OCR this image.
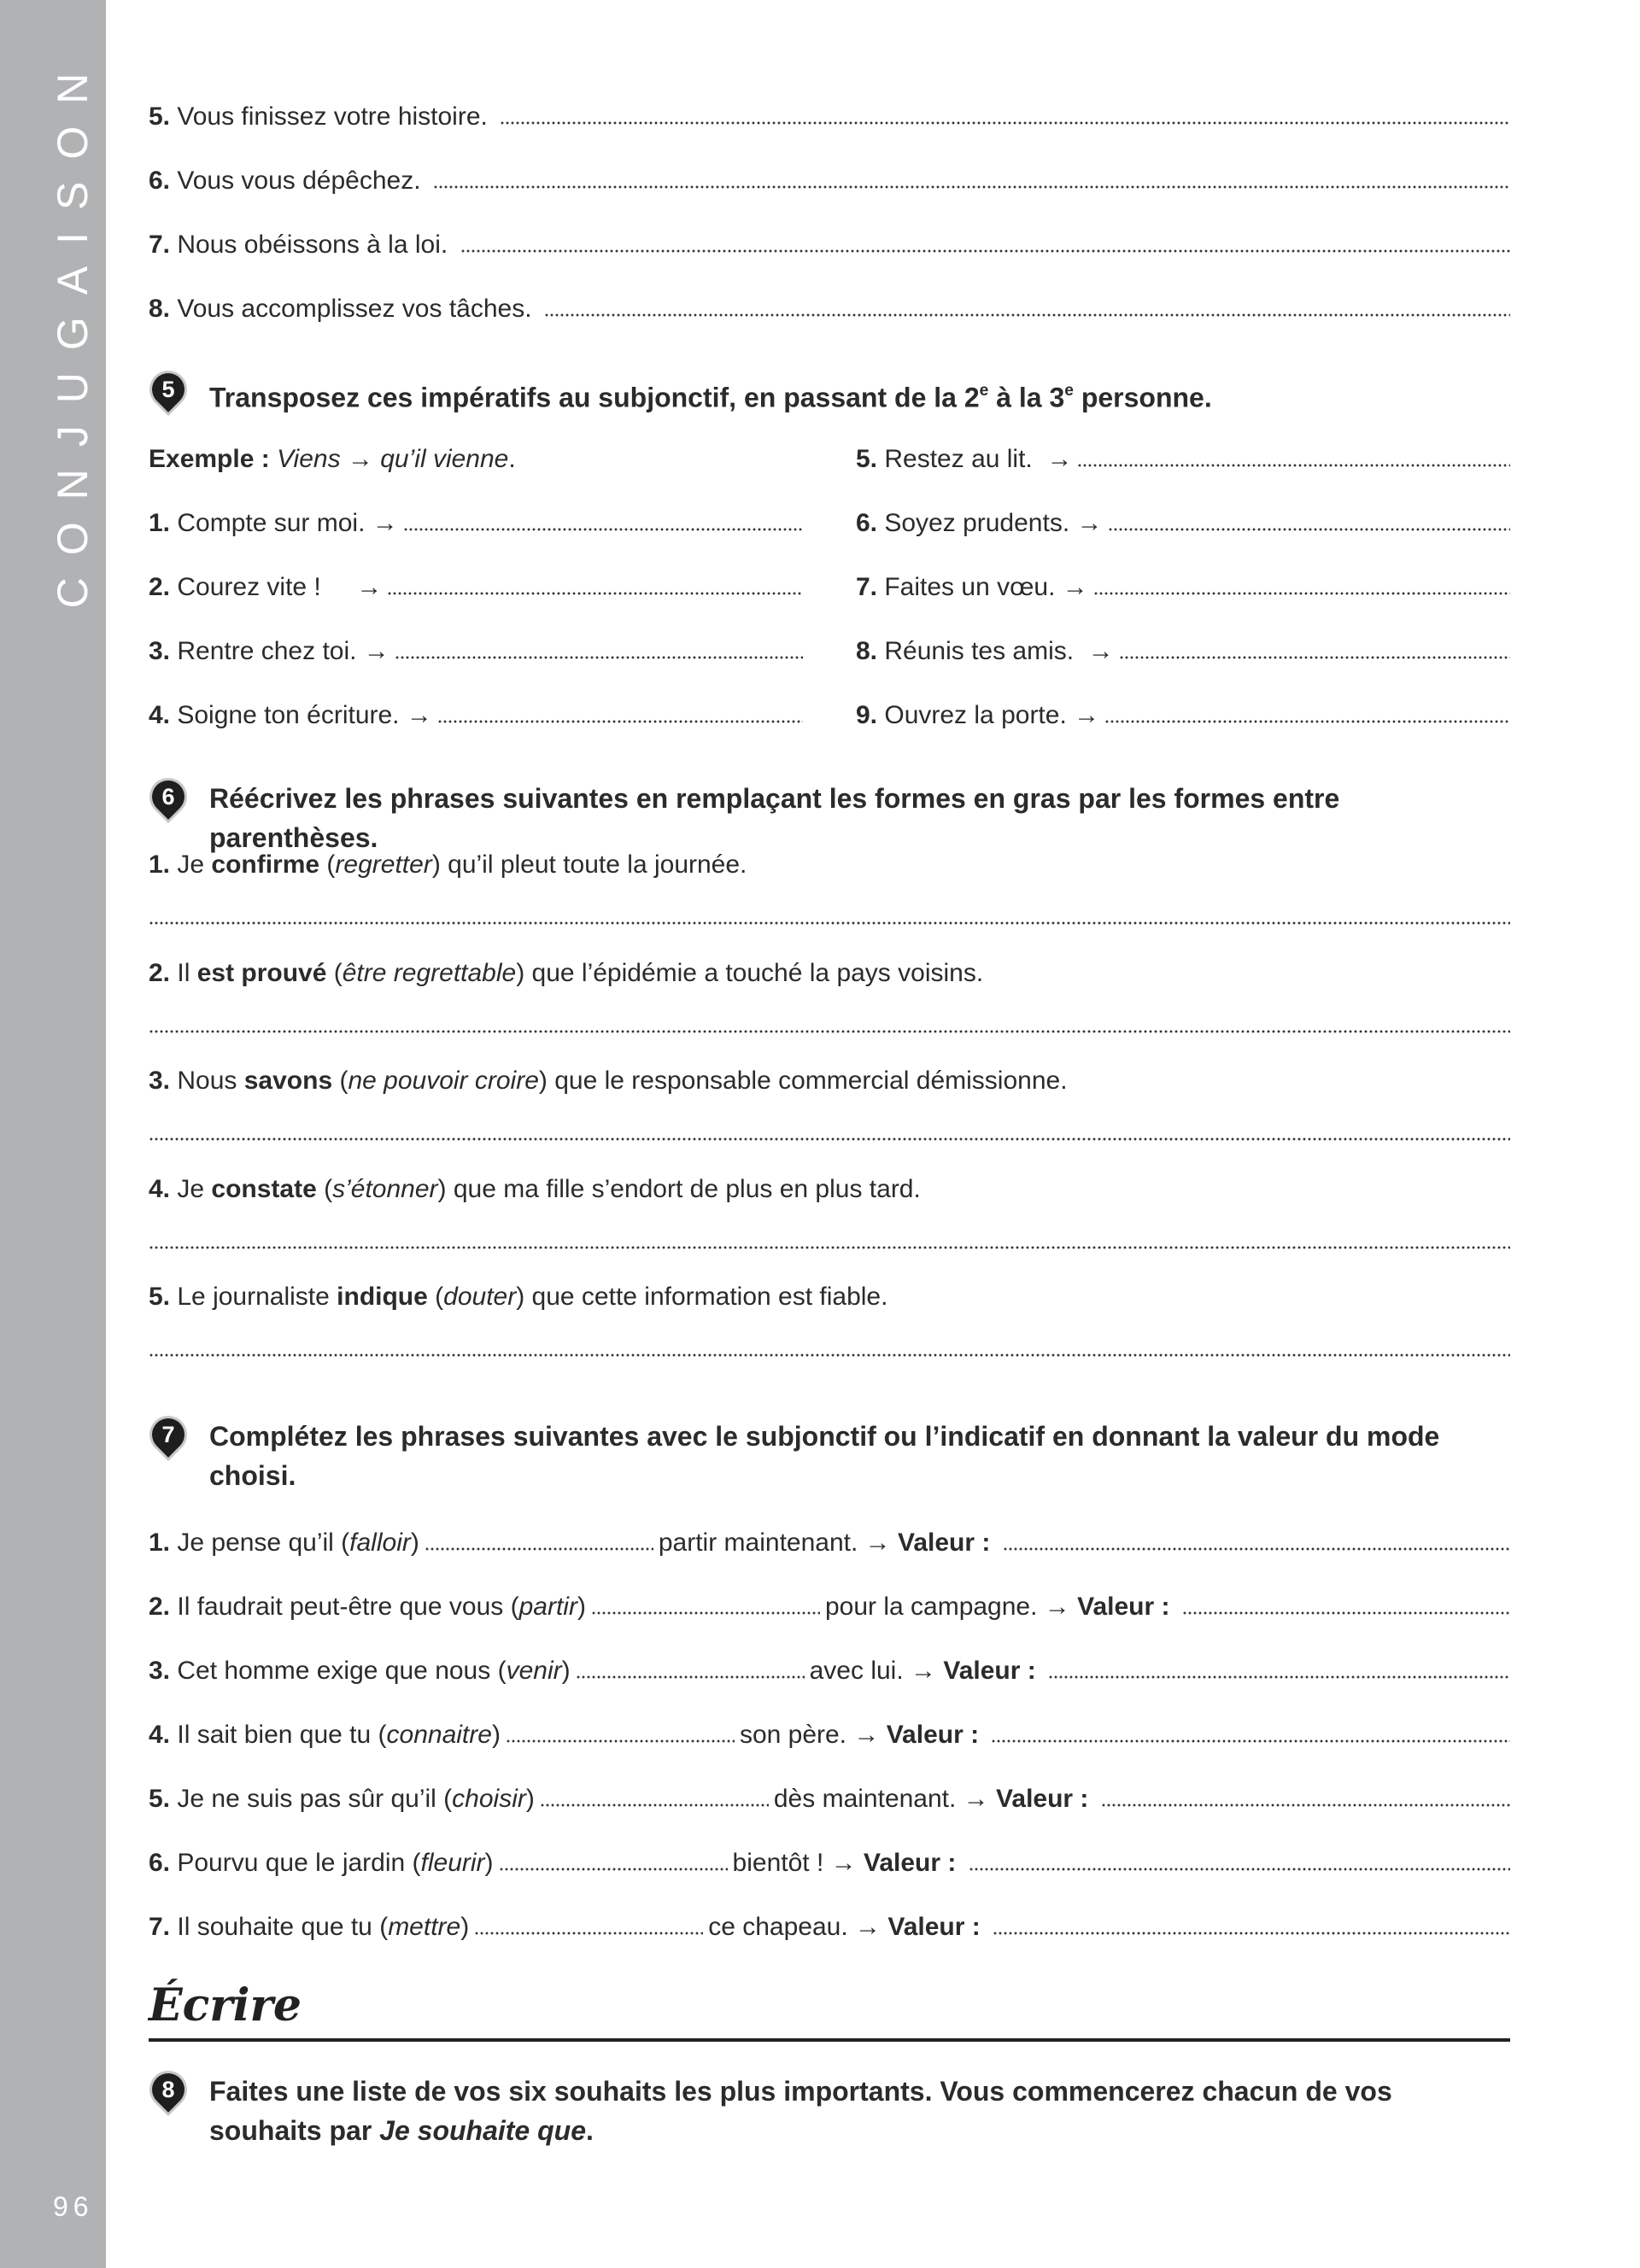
CONJUGAISON
96
5. Vous finissez votre histoire.
6. Vous vous dépêchez.
7. Nous obéissons à la loi.
8. Vous accomplissez vos tâches.
5	Transposez ces impératifs au subjonctif, en passant de la 2e à la 3e personne.
Exemple : Viens → qu’il vienne .
1. Compte sur moi. →
2. Courez vite !     →
3. Rentre chez toi. →
4. Soigne ton écriture. →
5. Restez au lit.  →
6. Soyez prudents. →
7. Faites un vœu. →
8. Réunis tes amis.  →
9. Ouvrez la porte. →
6	Réécrivez les phrases suivantes en remplaçant les formes en gras par les formes entre parenthèses.
1. Je confirme ( regretter ) qu’il pleut toute la journée.
2. Il est prouvé ( être regrettable ) que l’épidémie a touché la pays voisins.
3. Nous savons ( ne pouvoir croire ) que le responsable commercial démissionne.
4. Je constate ( s’étonner ) que ma fille s’endort de plus en plus tard.
5. Le journaliste indique ( douter ) que cette information est fiable.
7	Complétez les phrases suivantes avec le subjonctif ou l’indicatif en donnant la valeur du mode choisi.
1. Je pense qu’il ( falloir )	partir maintenant. → Valeur :
2. Il faudrait peut-être que vous ( partir )	pour la campagne. → Valeur :
3. Cet homme exige que nous ( venir )	avec lui. → Valeur :
4. Il sait bien que tu ( connaitre )	son père. → Valeur :
5. Je ne suis pas sûr qu’il ( choisir )	dès maintenant. → Valeur :
6. Pourvu que le jardin ( fleurir )	bientôt ! → Valeur :
7. Il souhaite que tu ( mettre )	ce chapeau. → Valeur :
Écrire
8	Faites une liste de vos six souhaits les plus importants. Vous commencerez chacun de vos souhaits par Je souhaite que.
